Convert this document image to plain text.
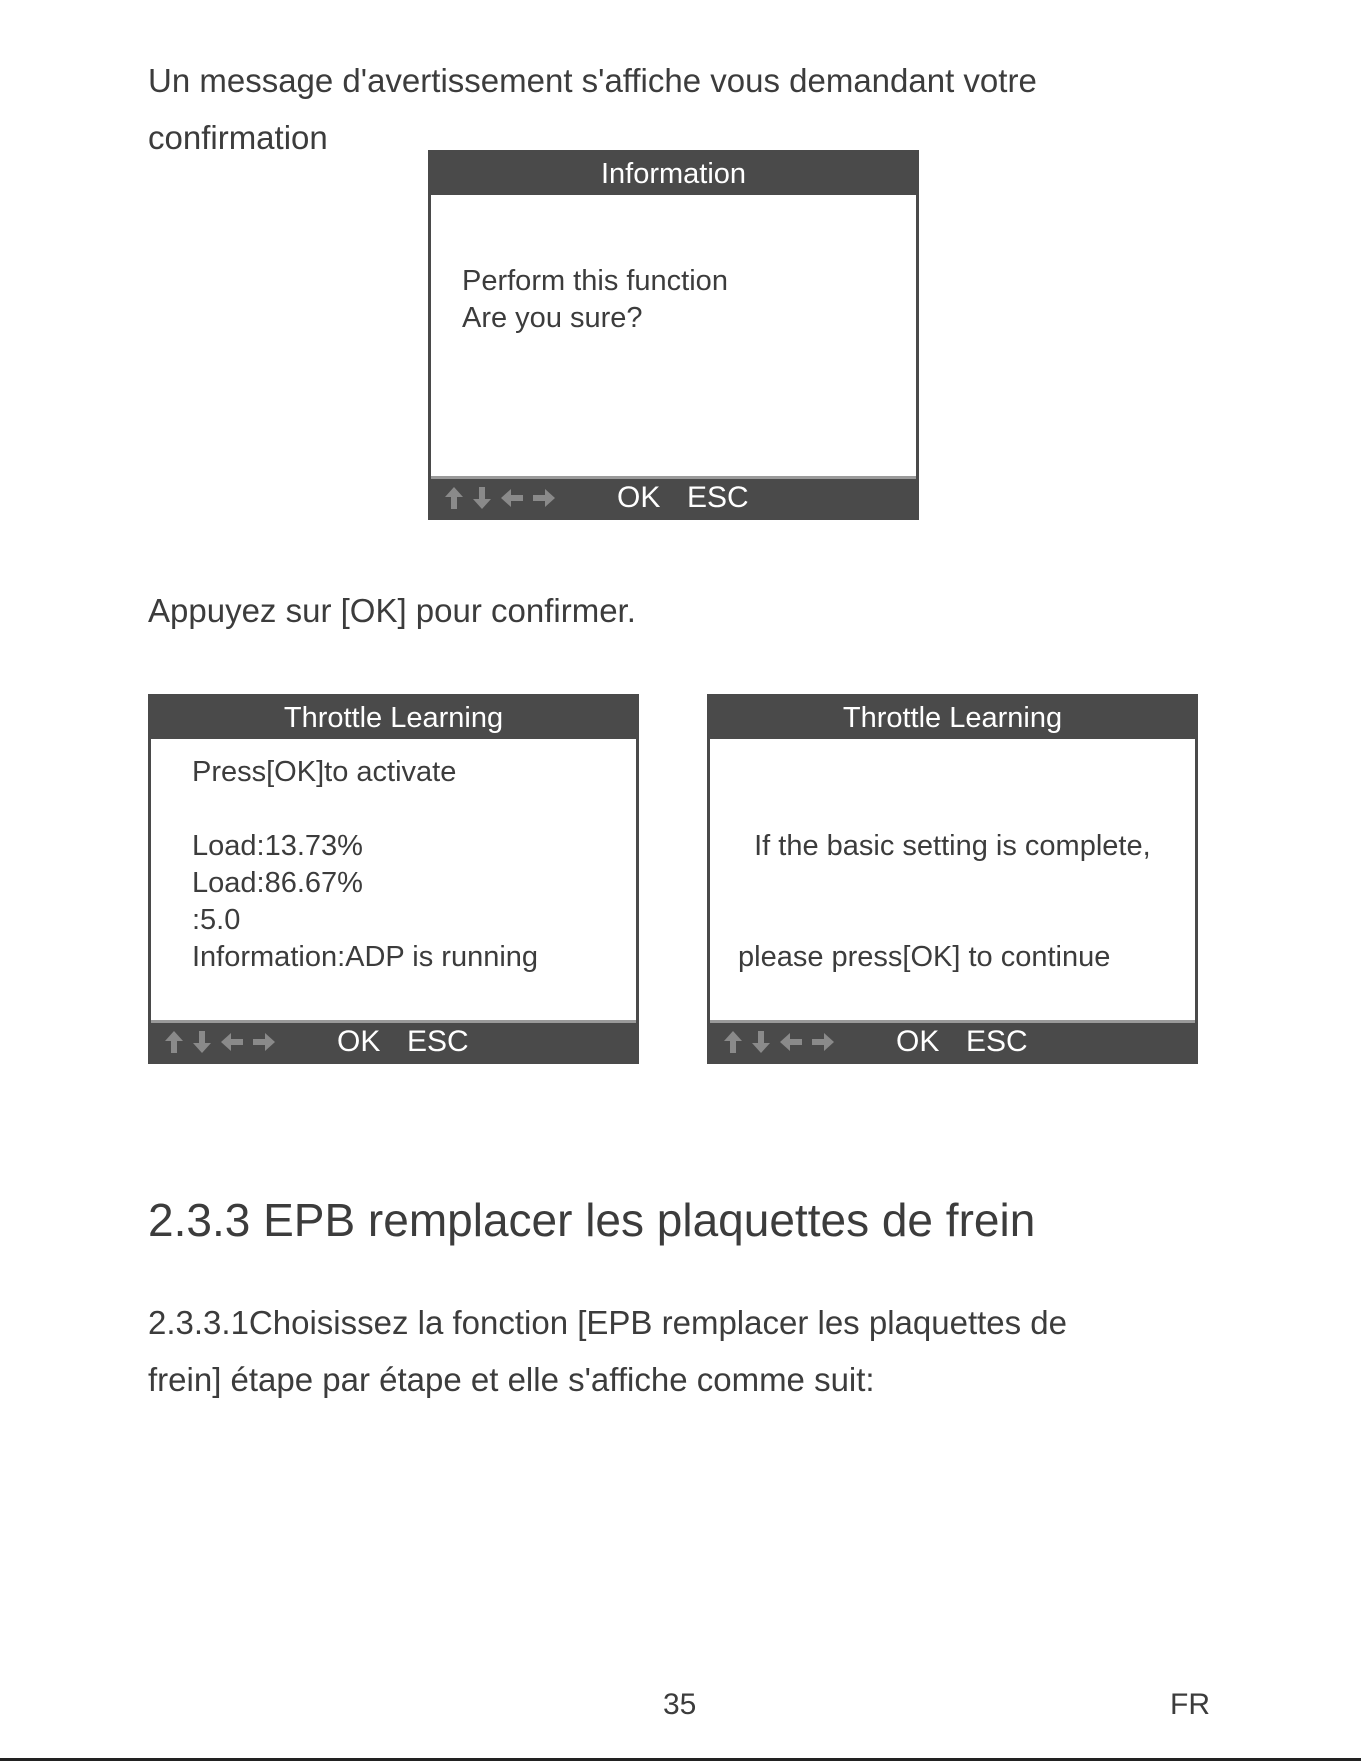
Un message d'avertissement s'affiche vous demandant votre

confirmation

Information
Perform this function
Are you sure?
OK ESC

Appuyez sur [OK] pour confirmer.

Throttle Learning
Press[OK]to activate
Load:13.73%
Load:86.67%
:5.0
Information:ADP is running
OK ESC
Throttle Learning

If the basic setting is complete,

please press[OK] to continue

OK ESC
2.3.3 EPB remplacer les plaquettes de frein

2.3.3.1Choisissez la fonction [EPB remplacer les plaquettes de

frein] étape par étape et elle s'affiche comme suit:

35	FR
